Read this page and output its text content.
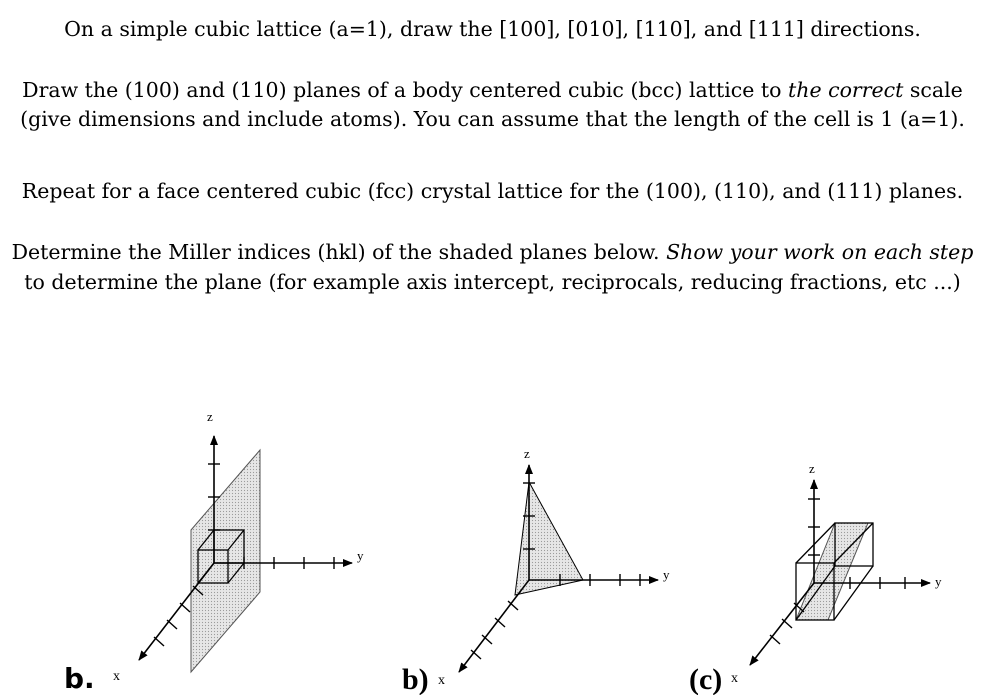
On a simple cubic lattice (a=1), draw the [100], [010], [110], and [111] directions.
Draw the (100) and (110) planes of a body centered cubic (bcc) lattice to the correct scale
(give dimensions and include atoms). You can assume that the length of the cell is 1 (a=1).
Repeat for a face centered cubic (fcc) crystal lattice for the (100), (110), and (111) planes.
Determine the Miller indices (hkl) of the shaded planes below. Show your work on each step
to determine the plane (for example axis intercept, reciprocals, reducing fractions, etc ...)
z
y
x
b.
z
y
x
b)
z
y
x
(c)
